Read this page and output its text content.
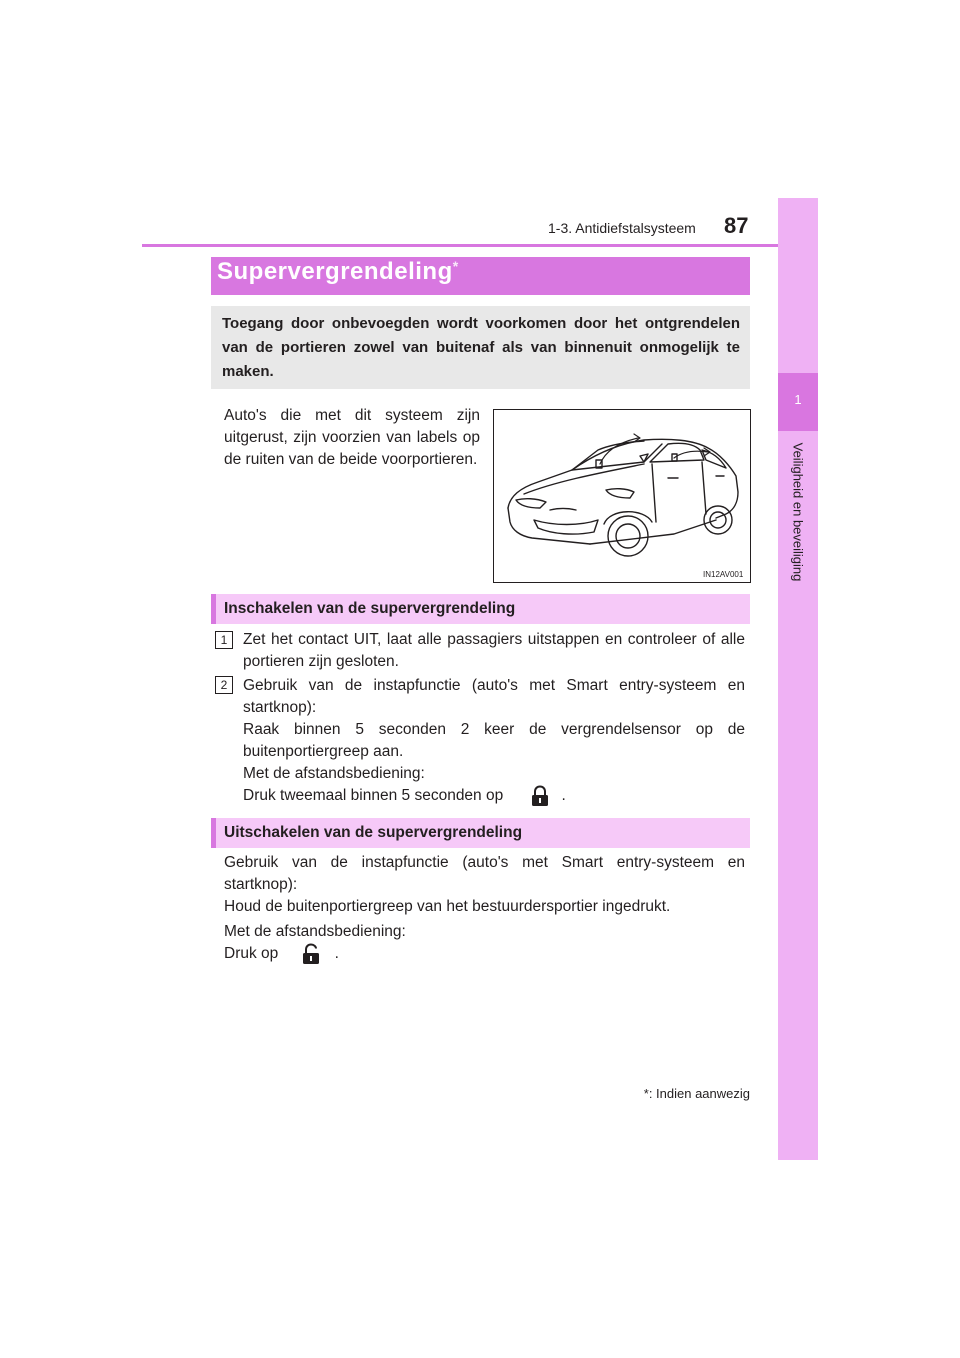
1-3. Antidiefstalsysteem 87
1
Veiligheid en beveiliging
Supervergrendeling*
Toegang door onbevoegden wordt voorkomen door het ontgrendelen van de portieren zowel van buitenaf als van binnenuit onmogelijk te maken.
Auto's die met dit systeem zijn uitgerust, zijn voorzien van labels op de ruiten van de beide voorportieren.
IN12AV001
Inschakelen van de supervergrendeling
1	Zet het contact UIT, laat alle passagiers uitstappen en controleer of alle portieren zijn gesloten.
2	Gebruik van de instapfunctie (auto's met Smart entry-systeem en startknop):
Raak binnen 5 seconden 2 keer de vergrendelsensor op de buitenportiergreep aan.
Met de afstandsbediening:
Druk tweemaal binnen 5 seconden op	.
Uitschakelen van de supervergrendeling
Gebruik van de instapfunctie (auto's met Smart entry-systeem en startknop):
Houd de buitenportiergreep van het bestuurdersportier ingedrukt.
Met de afstandsbediening:
Druk op	.
*: Indien aanwezig
